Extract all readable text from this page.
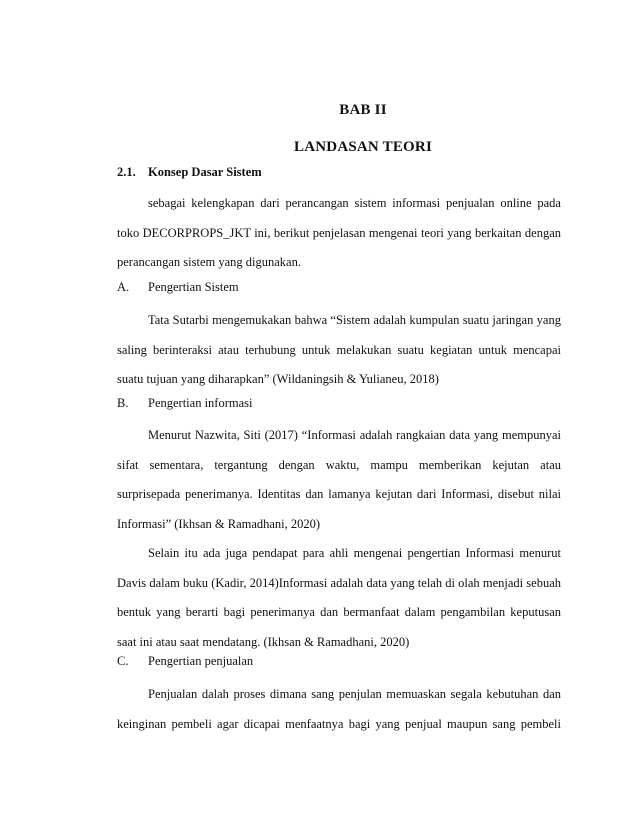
BAB II
LANDASAN TEORI
2.1. Konsep Dasar Sistem
sebagai kelengkapan dari perancangan sistem informasi penjualan online pada
toko DECORPROPS_JKT ini, berikut penjelasan mengenai teori yang berkaitan dengan
perancangan sistem yang digunakan.
A. Pengertian Sistem
Tata Sutarbi mengemukakan bahwa “Sistem adalah kumpulan suatu jaringan yang
saling berinteraksi atau terhubung untuk melakukan suatu kegiatan untuk mencapai
suatu tujuan yang diharapkan” (Wildaningsih & Yulianeu, 2018)
B. Pengertian informasi
Menurut Nazwita, Siti (2017) “Informasi adalah rangkaian data yang mempunyai
sifat sementara, tergantung dengan waktu, mampu memberikan kejutan atau
surprisepada penerimanya. Identitas dan lamanya kejutan dari Informasi, disebut nilai
Informasi” (Ikhsan & Ramadhani, 2020)
Selain itu ada juga pendapat para ahli mengenai pengertian Informasi menurut
Davis dalam buku (Kadir, 2014)Informasi adalah data yang telah di olah menjadi sebuah
bentuk yang berarti bagi penerimanya dan bermanfaat dalam pengambilan keputusan
saat ini atau saat mendatang. (Ikhsan & Ramadhani, 2020)
C. Pengertian penjualan
Penjualan dalah proses dimana sang penjulan memuaskan segala kebutuhan dan
keinginan pembeli agar dicapai menfaatnya bagi yang penjual maupun sang pembeli
